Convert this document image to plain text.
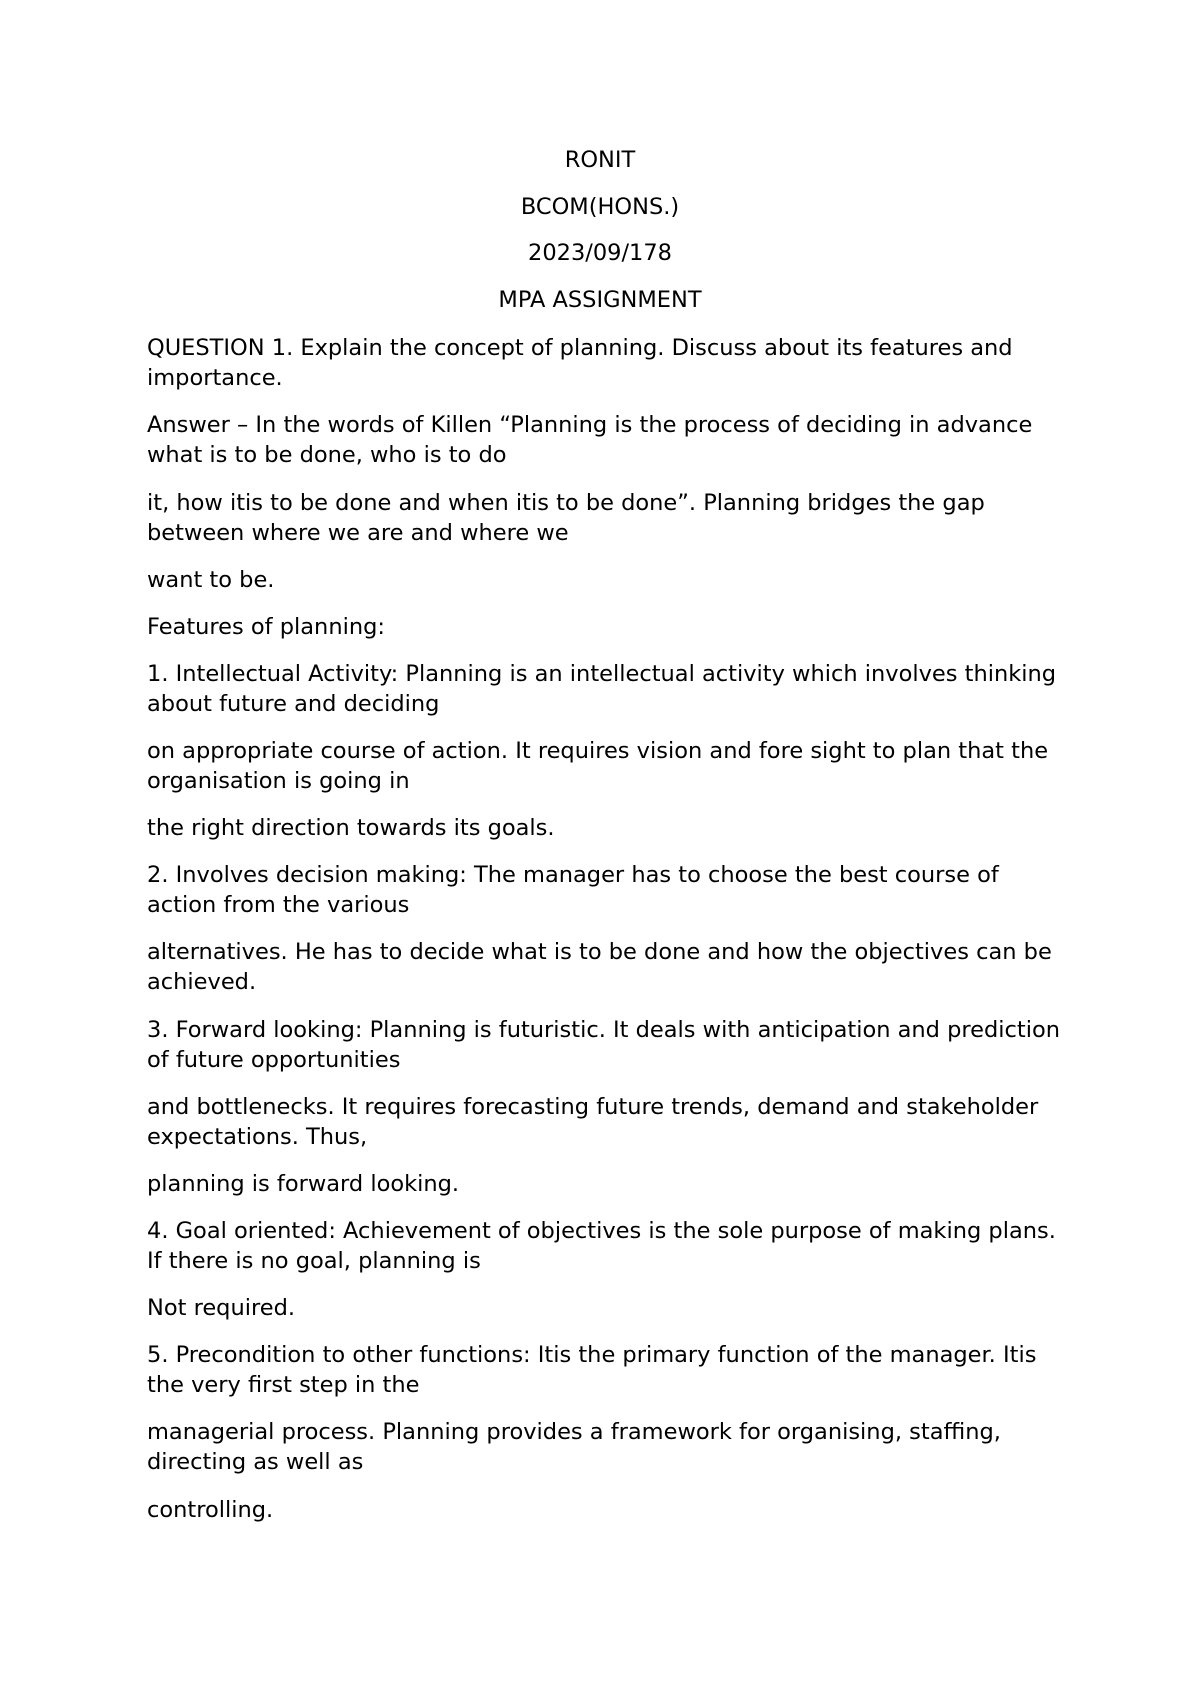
RONIT

BCOM(HONS.)

2023/09/178

MPA ASSIGNMENT

QUESTION 1. Explain the concept of planning. Discuss about its features and importance.

Answer – In the words of Killen “Planning is the process of deciding in advance what is to be done, who is to do

it, how itis to be done and when itis to be done”. Planning bridges the gap between where we are and where we

want to be.

Features of planning:

1. Intellectual Activity: Planning is an intellectual activity which involves thinking about future and deciding

on appropriate course of action. It requires vision and fore sight to plan that the organisation is going in

the right direction towards its goals.

2. Involves decision making: The manager has to choose the best course of action from the various

alternatives. He has to decide what is to be done and how the objectives can be achieved.

3. Forward looking: Planning is futuristic. It deals with anticipation and prediction of future opportunities

and bottlenecks. It requires forecasting future trends, demand and stakeholder expectations. Thus,

planning is forward looking.

4. Goal oriented: Achievement of objectives is the sole purpose of making plans. If there is no goal, planning is

Not required.

5. Precondition to other functions: Itis the primary function of the manager. Itis the very first step in the

managerial process. Planning provides a framework for organising, staffing, directing as well as

controlling.
